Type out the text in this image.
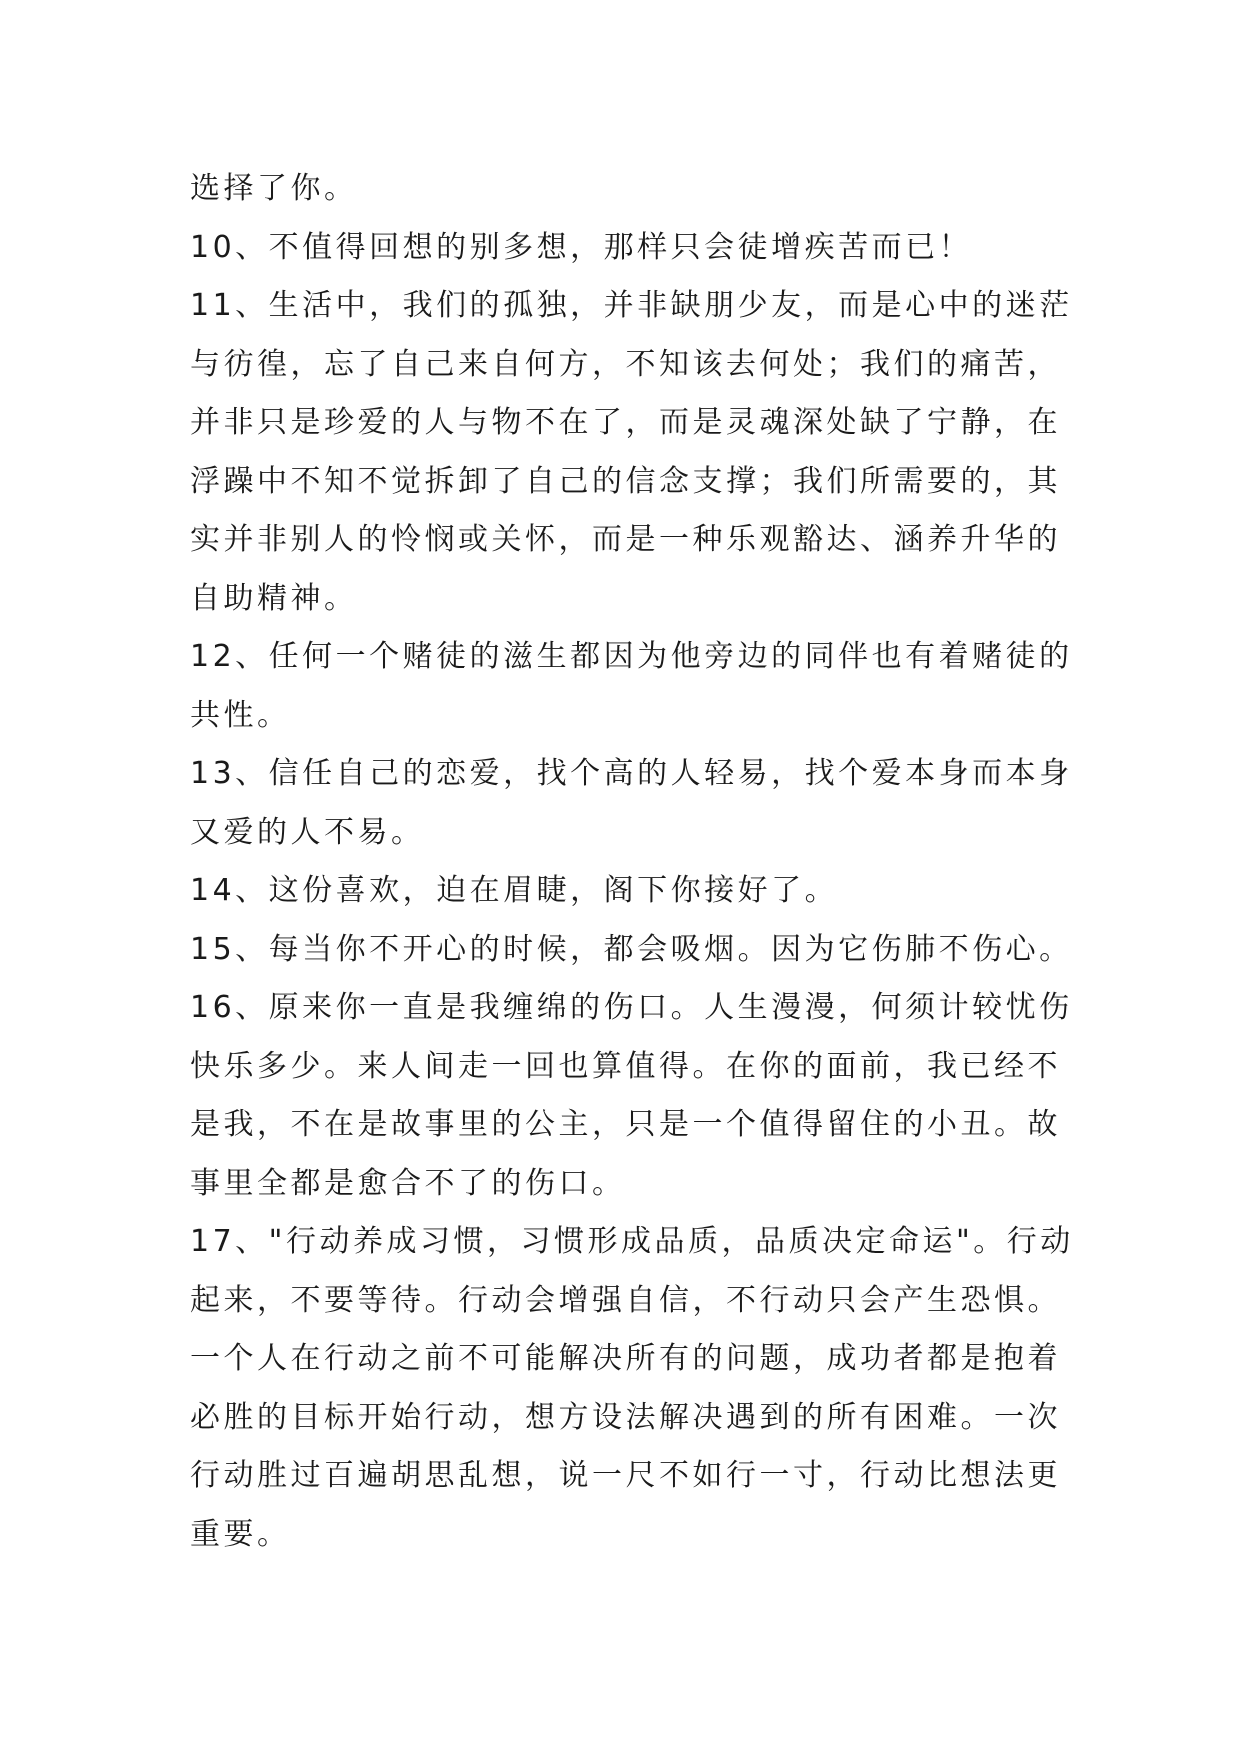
选择了你。
10、不值得回想的别多想，那样只会徒增疾苦而已！
11、生活中，我们的孤独，并非缺朋少友，而是心中的迷茫
与彷徨，忘了自己来自何方，不知该去何处；我们的痛苦，
并非只是珍爱的人与物不在了，而是灵魂深处缺了宁静，在
浮躁中不知不觉拆卸了自己的信念支撑；我们所需要的，其
实并非别人的怜悯或关怀，而是一种乐观豁达、涵养升华的
自助精神。
12、任何一个赌徒的滋生都因为他旁边的同伴也有着赌徒的
共性。
13、信任自己的恋爱，找个高的人轻易，找个爱本身而本身
又爱的人不易。
14、这份喜欢，迫在眉睫，阁下你接好了。
15、每当你不开心的时候，都会吸烟。因为它伤肺不伤心。
16、原来你一直是我缠绵的伤口。人生漫漫，何须计较忧伤
快乐多少。来人间走一回也算值得。在你的面前，我已经不
是我，不在是故事里的公主，只是一个值得留住的小丑。故
事里全都是愈合不了的伤口。
17、"行动养成习惯，习惯形成品质，品质决定命运"。行动
起来，不要等待。行动会增强自信，不行动只会产生恐惧。
一个人在行动之前不可能解决所有的问题，成功者都是抱着
必胜的目标开始行动，想方设法解决遇到的所有困难。一次
行动胜过百遍胡思乱想，说一尺不如行一寸，行动比想法更
重要。
